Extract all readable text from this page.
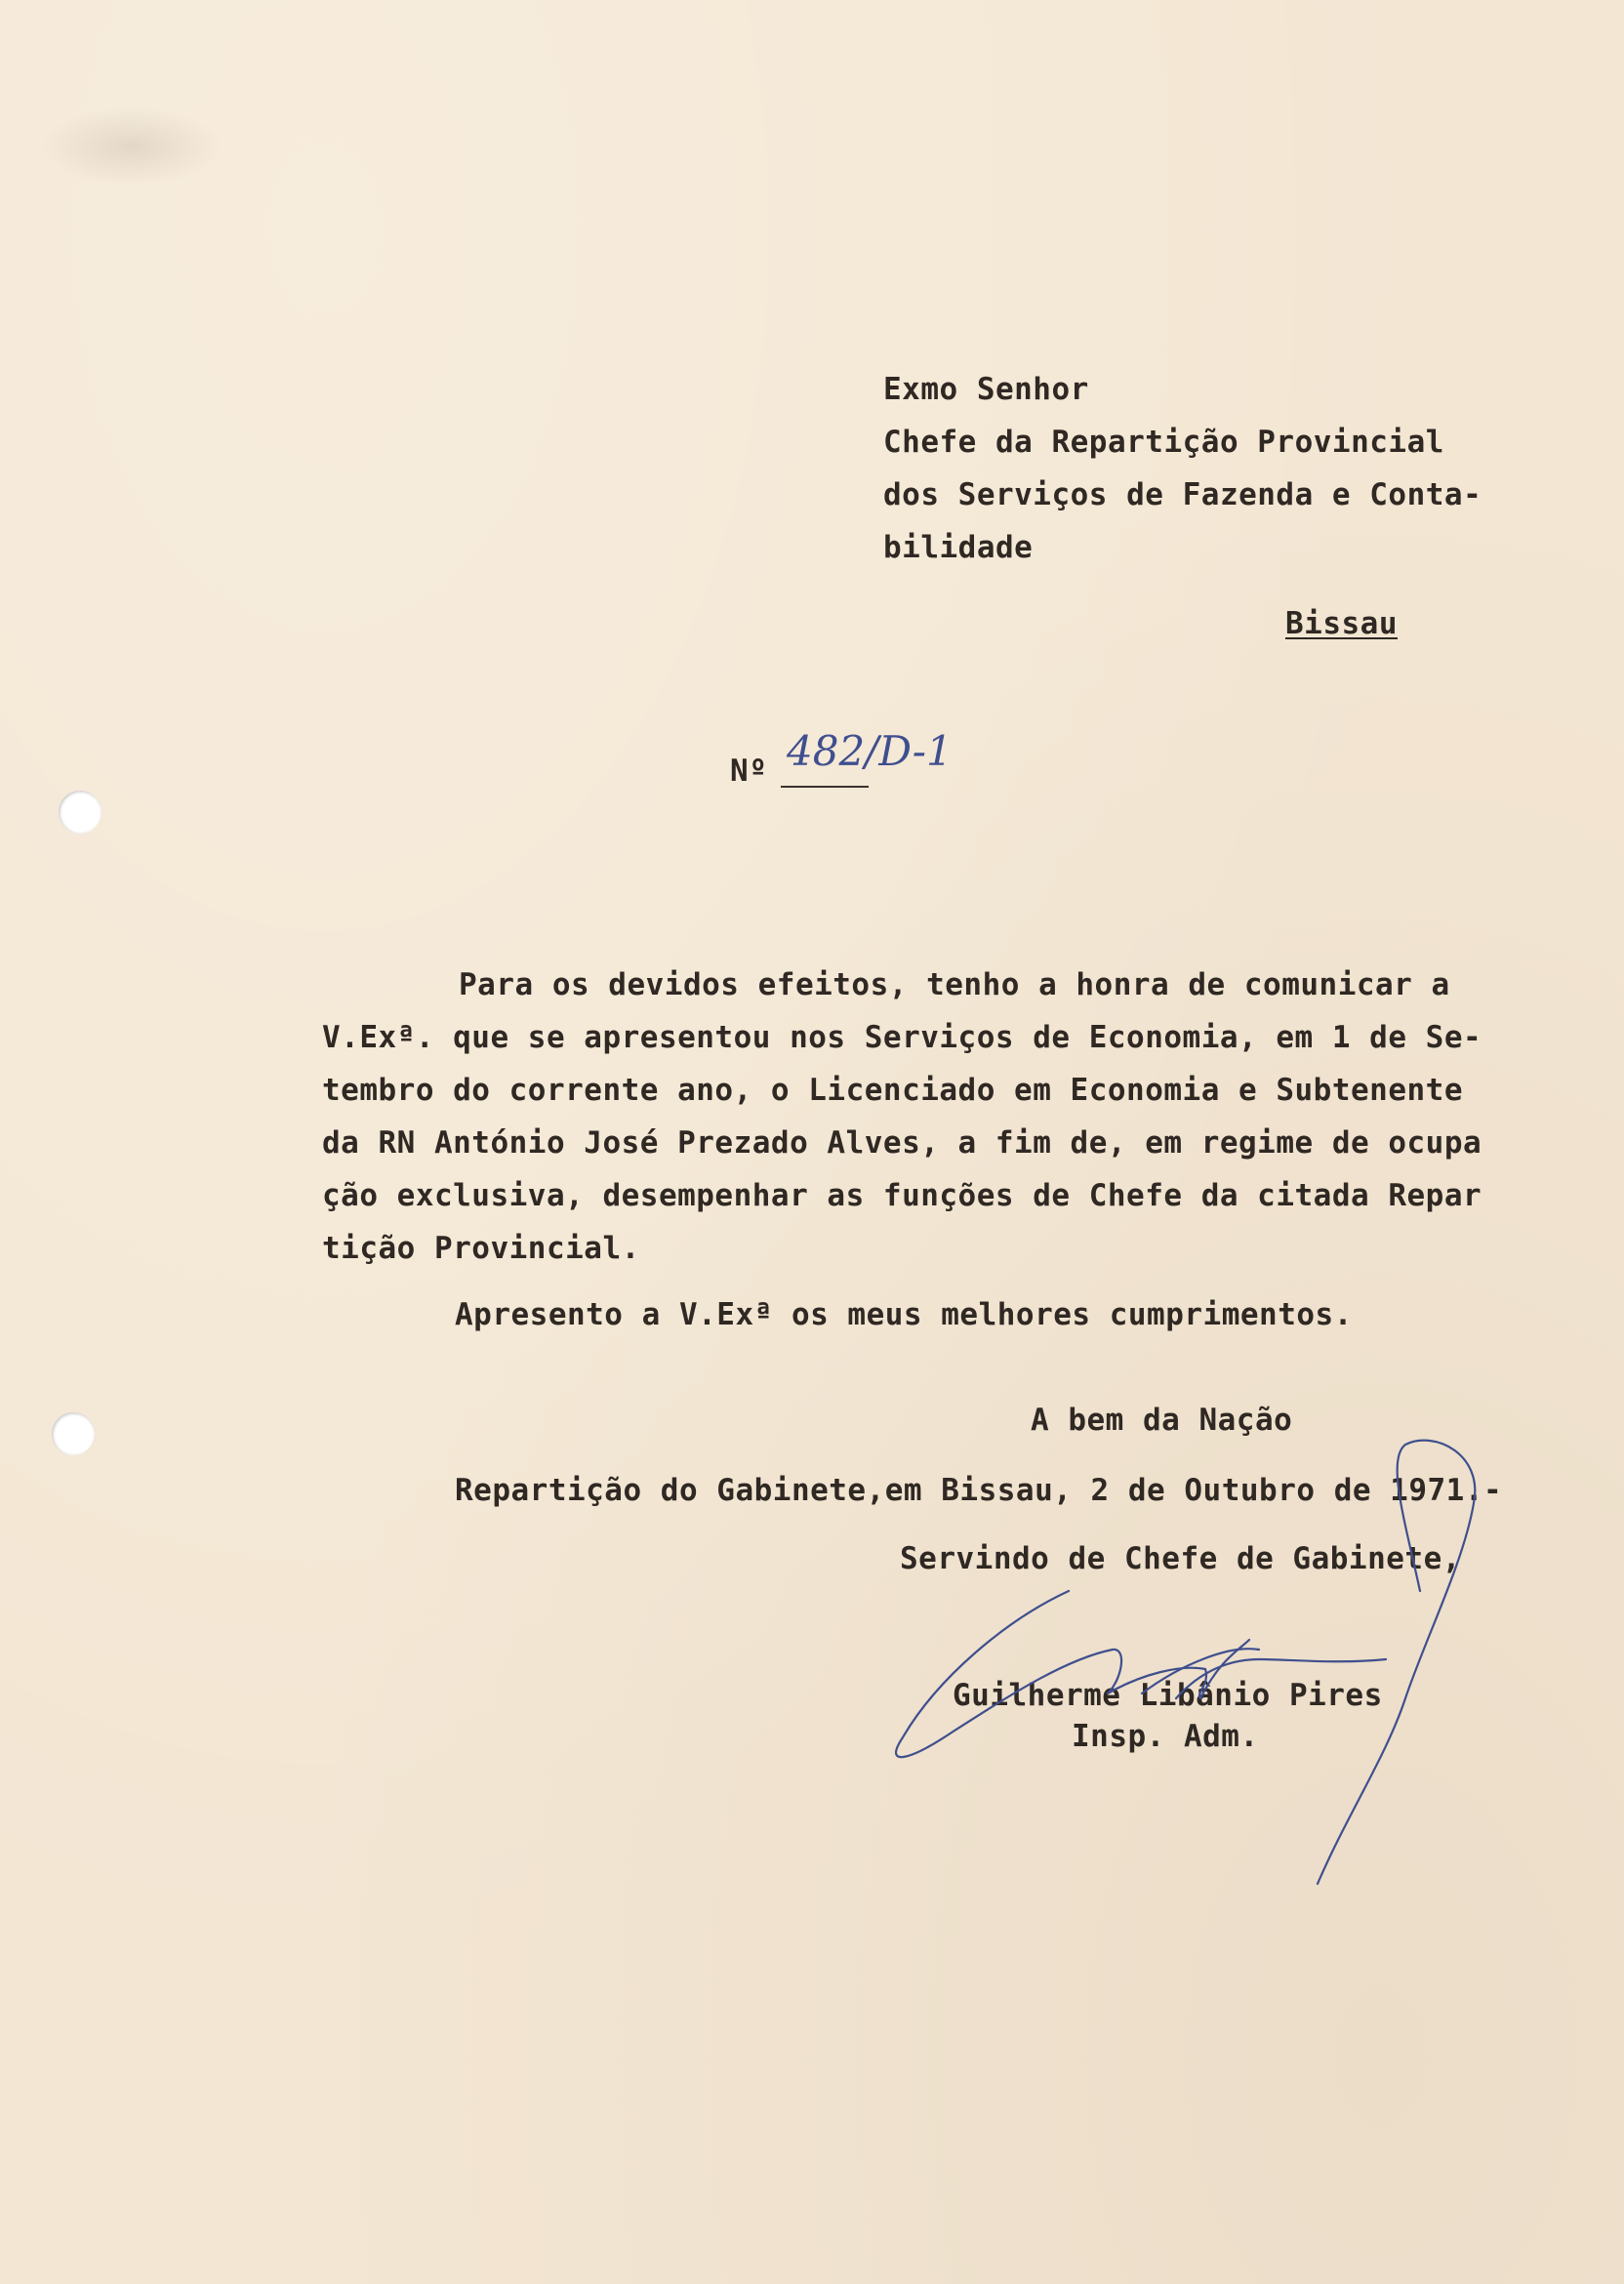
Exmo Senhor
Chefe da Repartição Provincial
dos Serviços de Fazenda e Conta-
bilidade
Bissau
Nº 482/D-1
Para os devidos efeitos, tenho a honra de comunicar a
V.Exª. que se apresentou nos Serviços de Economia, em 1 de Se-
tembro do corrente ano, o Licenciado em Economia e Subtenente
da RN António José Prezado Alves, a fim de, em regime de ocupa
ção exclusiva, desempenhar as funções de Chefe da citada Repar
tição Provincial.
Apresento a V.Exª os meus melhores cumprimentos.
A bem da Nação
Repartição do Gabinete,em Bissau, 2 de Outubro de 1971.-
Servindo de Chefe de Gabinete,
Guilherme Libânio Pires
Insp. Adm.
